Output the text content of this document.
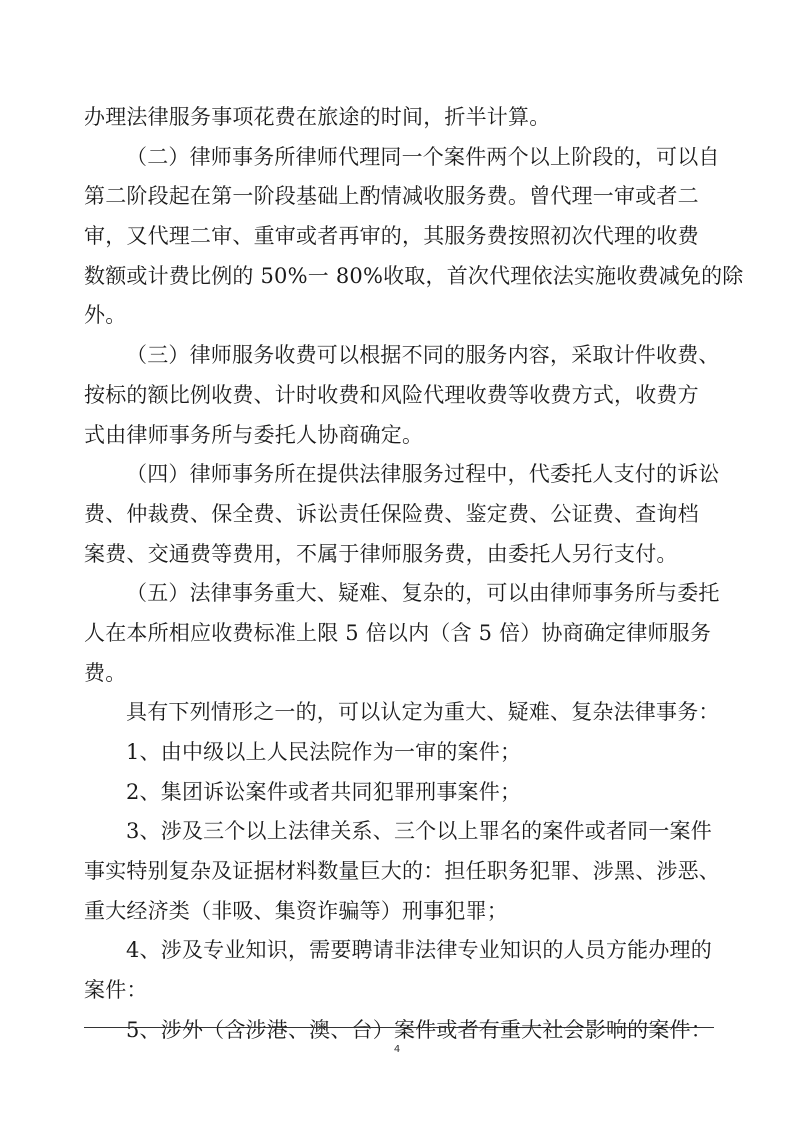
办理法律服务事项花费在旅途的时间，折半计算。
（二）律师事务所律师代理同一个案件两个以上阶段的，可以自
第二阶段起在第一阶段基础上酌情减收服务费。曾代理一审或者二
审，又代理二审、重审或者再审的，其服务费按照初次代理的收费
数额或计费比例的 50%一 80%收取，首次代理依法实施收费减免的除
外。
（三）律师服务收费可以根据不同的服务内容，采取计件收费、
按标的额比例收费、计时收费和风险代理收费等收费方式，收费方
式由律师事务所与委托人协商确定。
（四）律师事务所在提供法律服务过程中，代委托人支付的诉讼
费、仲裁费、保全费、诉讼责任保险费、鉴定费、公证费、查询档
案费、交通费等费用，不属于律师服务费，由委托人另行支付。
（五）法律事务重大、疑难、复杂的，可以由律师事务所与委托
人在本所相应收费标准上限 5 倍以内（含 5 倍）协商确定律师服务
费。
具有下列情形之一的，可以认定为重大、疑难、复杂法律事务：
1、由中级以上人民法院作为一审的案件；
2、集团诉讼案件或者共同犯罪刑事案件；
3、涉及三个以上法律关系、三个以上罪名的案件或者同一案件
事实特别复杂及证据材料数量巨大的：担任职务犯罪、涉黑、涉恶、
重大经济类（非吸、集资诈骗等）刑事犯罪；
4、涉及专业知识，需要聘请非法律专业知识的人员方能办理的
案件：
5、涉外（含涉港、澳、台）案件或者有重大社会影响的案件：
4
